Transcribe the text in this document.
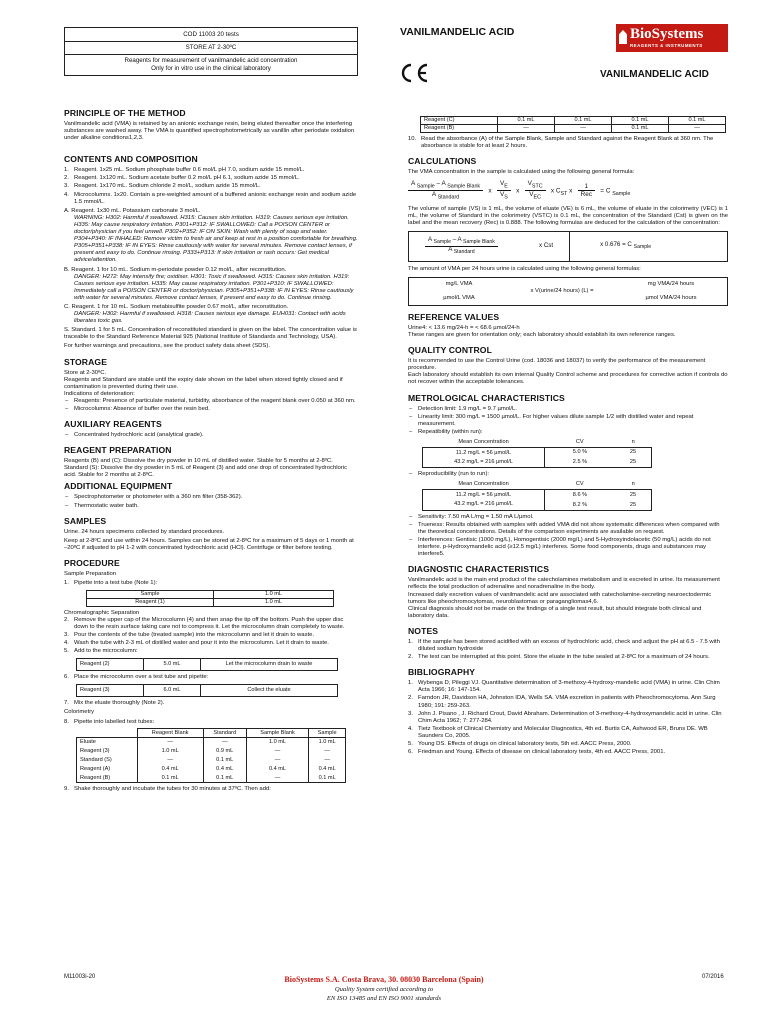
COD 11003 20 tests
STORE AT 2-30ºC
Reagents for measurement of vanilmandelic acid concentration
Only for in vitro use in the clinical laboratory
VANILMANDELIC ACID	BioSystems
REAGENTS & INSTRUMENTS
VANILMANDELIC ACID
PRINCIPLE OF THE METHOD

Vanilmandelic acid (VMA) is retained by an anionic exchange resin, being eluted thereafter once the interfering substances are washed away. The VMA is quantified spectrophotometrically as vanillin after periodate oxidation under alkaline conditions1,2,3.

CONTENTS AND COMPOSITION
1. Reagent. 1x25 mL. Sodium phosphate buffer 0.6 mol/L pH 7.0, sodium azide 15 mmol/L.
2. Reagent. 1x120 mL. Sodium acetate buffer 0.2 mol/L pH 6.1, sodium azide 15 mmol/L.
3. Reagent. 1x170 mL. Sodium chloride 2 mol/L, sodium azide 15 mmol/L.
4. Microcolumns. 1x20. Contain a pre-weighted amount of a buffered anionic exchange resin and sodium azide 1.5 mmol/L.

A. Reagent. 1x30 mL. Potassium carbonate 3 mol/L.

WARNING: H302: Harmful if swallowed. H315: Causes skin irritation. H319: Causes serious eye irritation. H335: May cause respiratory irritation. P301+P312: IF SWALLOWED: Call a POISON CENTER or doctor/physician if you feel unwell. P302+P352: IF ON SKIN: Wash with plenty of soap and water. P304+P340: IF INHALED: Remove victim to fresh air and keep at rest in a position comfortable for breathing. P305+P351+P338: IF IN EYES: Rinse cautiously with water for several minutes. Remove contact lenses, if present and easy to do. Continue rinsing. P333+P313: If skin irritation or rash occurs: Get medical advice/attention.

B. Reagent. 1 for 10 mL. Sodium m-periodate powder 0.12 mol/L, after reconstitution.

DANGER: H272: May intensify fire; oxidiser. H301: Toxic if swallowed. H315: Causes skin irritation. H319: Causes serious eye irritation. H335: May cause respiratory irritation. P301+P310: IF SWALLOWED: Immediately call a POISON CENTER or doctor/physician. P305+P351+P338: IF IN EYES: Rinse cautiously with water for several minutes. Remove contact lenses, if present and easy to do. Continue rinsing.

C. Reagent. 1 for 10 mL. Sodium metabisulfite powder 0.67 mol/L, after reconstitution.

DANGER: H302: Harmful if swallowed. H318: Causes serious eye damage. EUH031: Contact with acids liberates toxic gas.

S. Standard. 1 for 5 mL. Concentration of reconstituted standard is given on the label. The concentration value is traceable to the Standard Reference Material 925 (National Institute of Standards and Technology, USA).

For further warnings and precautions, see the product safety data sheet (SDS).

STORAGE

Store at 2-30ºC.

Reagents and Standard are stable until the expiry date shown on the label when stored tightly closed and if contamination is prevented during their use.

Indications of deterioration:

– Reagents: Presence of particulate material, turbidity, absorbance of the reagent blank over 0.050 at 360 nm.
– Microcolumns: Absence of buffer over the resin bed.
AUXILIARY REAGENTS
– Concentrated hydrochloric acid (analytical grade).
REAGENT PREPARATION

Reagents (B) and (C): Dissolve the dry powder in 10 mL of distilled water. Stable for 5 months at 2-8ºC.

Standard (S): Dissolve the dry powder in 5 mL of Reagent (3) and add one drop of concentrated hydrochloric acid. Stable for 2 months at 2-8ºC.

ADDITIONAL EQUIPMENT
– Spectrophotometer or photometer with a 360 nm filter (358-362).
– Thermostatic water bath.
SAMPLES

Urine. 24 hours specimens collected by standard procedures.

Keep at 2-8ºC and use within 24 hours. Samples can be stored at 2-8ºC for a maximum of 5 days or 1 month at –20ºC if adjusted to pH 1-2 with concentrated hydrochloric acid (HCl). Centrifuge or filter before testing.

PROCEDURE

Sample Preparation

1. Pipette into a test tube (Note 1):
Sample	1.0 mL
Reagent (1)	1.0 mL

Chromatographic Separation

2. Remove the upper cap of the Microcolumn (4) and then snap the tip off the bottom. Push the upper disc down to the resin surface taking care not to compress it. Let the microcolumn drain completely to waste.
3. Pour the contents of the tube (treated sample) into the microcolumn and let it drain to waste.
4. Wash the tube with 2-3 mL of distilled water and pour it into the microcolumn. Let it drain to waste.
5. Add to the microcolumn:
Reagent (2)	5.0 mL	Let the microcolumn drain to waste
6. Place the microcolumn over a test tube and pipette:
Reagent (3)	6.0 mL	Collect the eluate
7. Mix the eluate thoroughly (Note 2).

Colorimetry

8. Pipette into labelled test tubes:
	Reagent Blank	Standard	Sample Blank	Sample
Eluate	—	—	1.0 mL	1.0 mL
Reagent (3)	1.0 mL	0.9 mL	—	—
Standard (S)	—	0.1 mL	—	—
Reagent (A)	0.4 mL	0.4 mL	0.4 mL	0.4 mL
Reagent (B)	0.1 mL	0.1 mL	—	0.1 mL
9. Shake thoroughly and incubate the tubes for 30 minutes at 37ºC. Then add:
Reagent (C)	0.1 mL	0.1 mL	0.1 mL	0.1 mL
Reagent (B)	—	—	0.1 mL	—
10. Read the absorbance (A) of the Sample Blank, Sample and Standard against the Reagent Blank at 360 nm. The absorbance is stable for at least 2 hours.
CALCULATIONS

The VMA concentration in the sample is calculated using the following general formula:

$\frac{A _{Sample} - A _{Sample Blank}}{A _{Standard}}$ x $\frac{V_E}{V_S}$ x $\frac{V_{STC}}{V_{EC}}$ x $C_{ST}$ x $\frac{1}{\text{Rec}} = C$ $_{Sample}$

The volume of sample (VS) is 1 mL, the volume of eluate (VE) is 6 mL, the volume of eluate in the colorimetry (VEC) is 1 mL, the volume of Standard in the colorimetry (VSTC) is 0.1 mL, the concentration of the Standard (Cst) is given on the label and the mean recovery (Rec) is 0.888. The following formulas are deduced for the calculation of the concentration:

$\frac{A _{Sample} - A _{Sample Blank}}{A _{Standard}}$	x Cst	x 0.676 = C $_{Sample}$

The amount of VMA per 24 hours urine is calculated using the following general formulas:

mg/L VMA	x V(urine/24 hours) (L) =	mg VMA/24 hours
µmol/L VMA		µmol VMA/24 hours
REFERENCE VALUES

Urine4: < 13.6 mg/24-h = < 68.6 µmol/24-h

These ranges are given for orientation only; each laboratory should establish its own reference ranges.

QUALITY CONTROL

It is recommended to use the Control Urine (cod. 18036 and 18037) to verify the performance of the measurement procedure.

Each laboratory should establish its own internal Quality Control scheme and procedures for corrective action if controls do not recover within the acceptable tolerances.

METROLOGICAL CHARACTERISTICS
– Detection limit: 1.9 mg/L = 9.7 µmol/L.
– Linearity limit: 300 mg/L = 1500 µmol/L. For higher values dilute sample 1/2 with distilled water and repeat measurement.
– Repeatibility (within run):
Mean Concentration	CV	n
11.2 mg/L = 56 µmol/L	5.0 %	25
43.2 mg/L = 216 µmol/L	2.5 %	25
– Reproducibility (run to run):
Mean Concentration	CV	n
11.2 mg/L = 56 µmol/L	8.6 %	25
43.2 mg/L = 216 µmol/L	8.2 %	25
– Sensitivity: 7.50 mA L/mg = 1.50 mA L/µmol.
– Trueness: Results obtained with samples with added VMA did not show systematic differences when compared with the theoretical concentrations. Details of the comparison experiments are available on request.
– Interferences: Gentisic (1000 mg/L), Homogentisic (2000 mg/L) and 5-Hydroxyindolacetic (50 mg/L) acids do not interfere. p-Hydroxymandelic acid (≥12.5 mg/L) interferes. Some food components, drugs and substances may interfere5.
DIAGNOSTIC CHARACTERISTICS

Vanilmandelic acid is the main end product of the catecholamines metabolism and is excreted in urine. Its measurement reflects the total production of adrenaline and noradrenaline in the body.

Increased daily excretion values of vanilmandelic acid are associated with catecholamine-secreting neuroectodermic tumors like pheochromocytomas, neuroblastomas or paragangliomas4,6.

Clinical diagnosis should not be made on the findings of a single test result, but should integrate both clinical and laboratory data.

NOTES
1. If the sample has been stored acidified with an excess of hydrochloric acid, check and adjust the pH at 6.5 - 7.5 with diluted sodium hydroxide
2. The test can be interrupted at this point. Store the eluate in the tube sealed at 2-8ºC for a maximum of 24 hours.
BIBLIOGRAPHY
1. Wybenga D, Pileggi VJ. Quantitative determination of 3-methoxy-4-hydroxy-mandelic acid (VMA) in urine. Clin Chim Acta 1966; 16: 147-154.
2. Farndon JR, Davidson HA, Johnston IDA, Wells SA. VMA excretion in patients with Pheochromocytoma. Ann Surg 1980; 191: 259-263.
3. John J. Pisano , J. Richard Crout, David Abraham. Determination of 3-methoxy-4-hydroxymandelic acid in urine. Clin Chim Acta 1962; 7: 277-284.
4. Tietz Textbook of Clinical Chemistry and Molecular Diagnostics, 4th ed. Burtis CA, Ashwood ER, Bruns DE. WB Saunders Co, 2005.
5. Young DS. Effects of drugs on clinical laboratory tests, 5th ed. AACC Press, 2000.
6. Friedman and Young. Effects of disease on clinical laboratory tests, 4th ed. AACC Press, 2001.
M11003i-20	07/2016
BioSystems S.A. Costa Brava, 30. 08030 Barcelona (Spain)
Quality System certified according to
EN ISO 13485 and EN ISO 9001 standards
